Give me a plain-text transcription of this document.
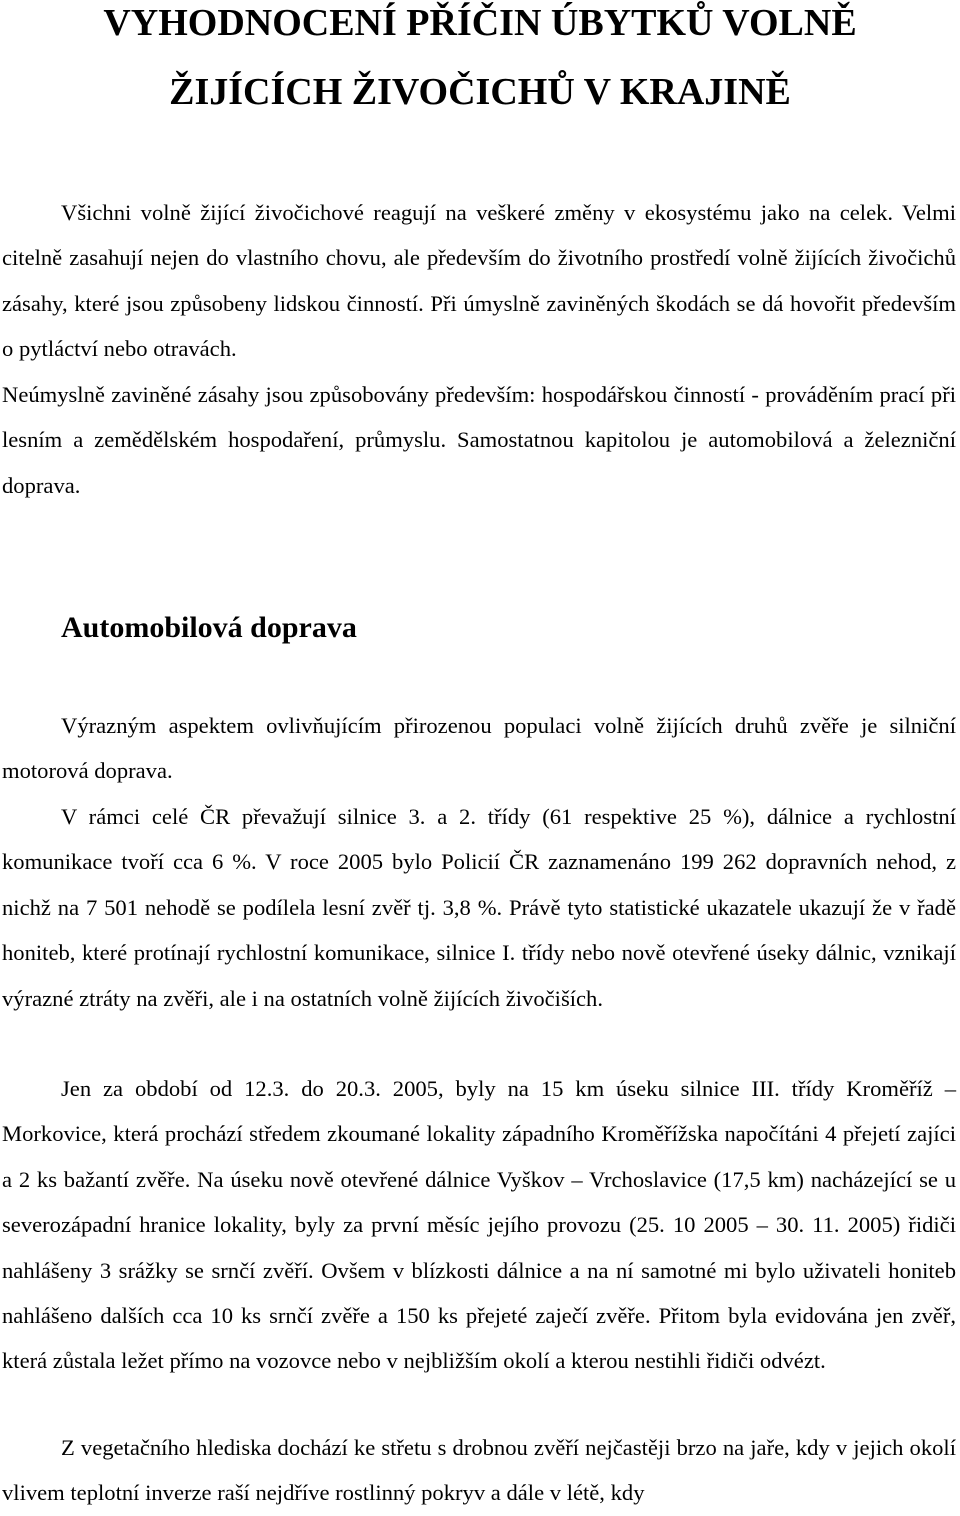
VYHODNOCENÍ PŘÍČIN ÚBYTKŮ VOLNĚ
ŽIJÍCÍCH ŽIVOČICHŮ V KRAJINĚ

Všichni volně žijící živočichové reagují na veškeré změny v ekosystému jako na celek. Velmi citelně zasahují nejen do vlastního chovu, ale především do životního prostředí volně žijících živočichů zásahy, které jsou způsobeny lidskou činností. Při úmyslně zaviněných škodách se dá hovořit především o pytláctví nebo otravách.

Neúmyslně zaviněné zásahy jsou způsobovány především: hospodářskou činností - prováděním prací při lesním a zemědělském hospodaření, průmyslu. Samostatnou kapitolou je automobilová a železniční doprava.

Automobilová doprava

Výrazným aspektem ovlivňujícím přirozenou populaci volně žijících druhů zvěře je silniční motorová doprava.

V rámci celé ČR převažují silnice 3. a 2. třídy (61 respektive 25 %), dálnice a rychlostní komunikace tvoří cca 6 %. V roce 2005 bylo Policií ČR zaznamenáno 199 262 dopravních nehod, z nichž na 7 501 nehodě se podílela lesní zvěř tj. 3,8 %. Právě tyto statistické ukazatele ukazují že v řadě honiteb, které protínají rychlostní komunikace, silnice I. třídy nebo nově otevřené úseky dálnic, vznikají výrazné ztráty na zvěři, ale i na ostatních volně žijících živočiších.

Jen za období od 12.3. do 20.3. 2005, byly na 15 km úseku silnice III. třídy Kroměříž – Morkovice, která prochází středem zkoumané lokality západního Kroměřížska napočítáni 4 přejetí zajíci a 2 ks bažantí zvěře. Na úseku nově otevřené dálnice Vyškov – Vrchoslavice (17,5 km) nacházející se u severozápadní hranice lokality, byly za první měsíc jejího provozu (25. 10 2005 – 30. 11. 2005) řidiči nahlášeny 3 srážky se srnčí zvěří. Ovšem v blízkosti dálnice a na ní samotné mi bylo uživateli honiteb nahlášeno dalších cca 10 ks srnčí zvěře a 150 ks přejeté zaječí zvěře. Přitom byla evidována jen zvěř, která zůstala ležet přímo na vozovce nebo v nejbližším okolí a kterou nestihli řidiči odvézt.

Z vegetačního hlediska dochází ke střetu s drobnou zvěří nejčastěji brzo na jaře, kdy v jejich okolí vlivem teplotní inverze raší nejdříve rostlinný pokryv a dále v létě, kdy
